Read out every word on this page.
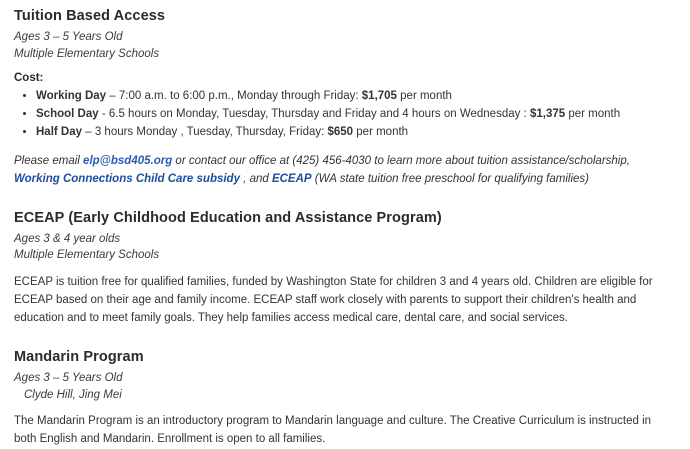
Tuition Based Access
Ages 3 – 5 Years Old
Multiple Elementary Schools
Cost:
• Working Day – 7:00 a.m. to 6:00 p.m., Monday through Friday: $1,705 per month
• School Day - 6.5 hours on Monday, Tuesday, Thursday and Friday and 4 hours on Wednesday : $1,375 per month
• Half Day – 3 hours Monday , Tuesday, Thursday, Friday: $650 per month

Please email elp@bsd405.org or contact our office at (425) 456-4030 to learn more about tuition assistance/scholarship, Working Connections Child Care subsidy , and ECEAP (WA state tuition free preschool for qualifying families)

ECEAP (Early Childhood Education and Assistance Program)
Ages 3 & 4 year olds
Multiple Elementary Schools

ECEAP is tuition free for qualified families, funded by Washington State for children 3 and 4 years old. Children are eligible for ECEAP based on their age and family income. ECEAP staff work closely with parents to support their children's health and education and to meet family goals. They help families access medical care, dental care, and social services.

Mandarin Program
Ages 3 – 5 Years Old
Clyde Hill, Jing Mei

The Mandarin Program is an introductory program to Mandarin language and culture. The Creative Curriculum is instructed in both English and Mandarin. Enrollment is open to all families.
